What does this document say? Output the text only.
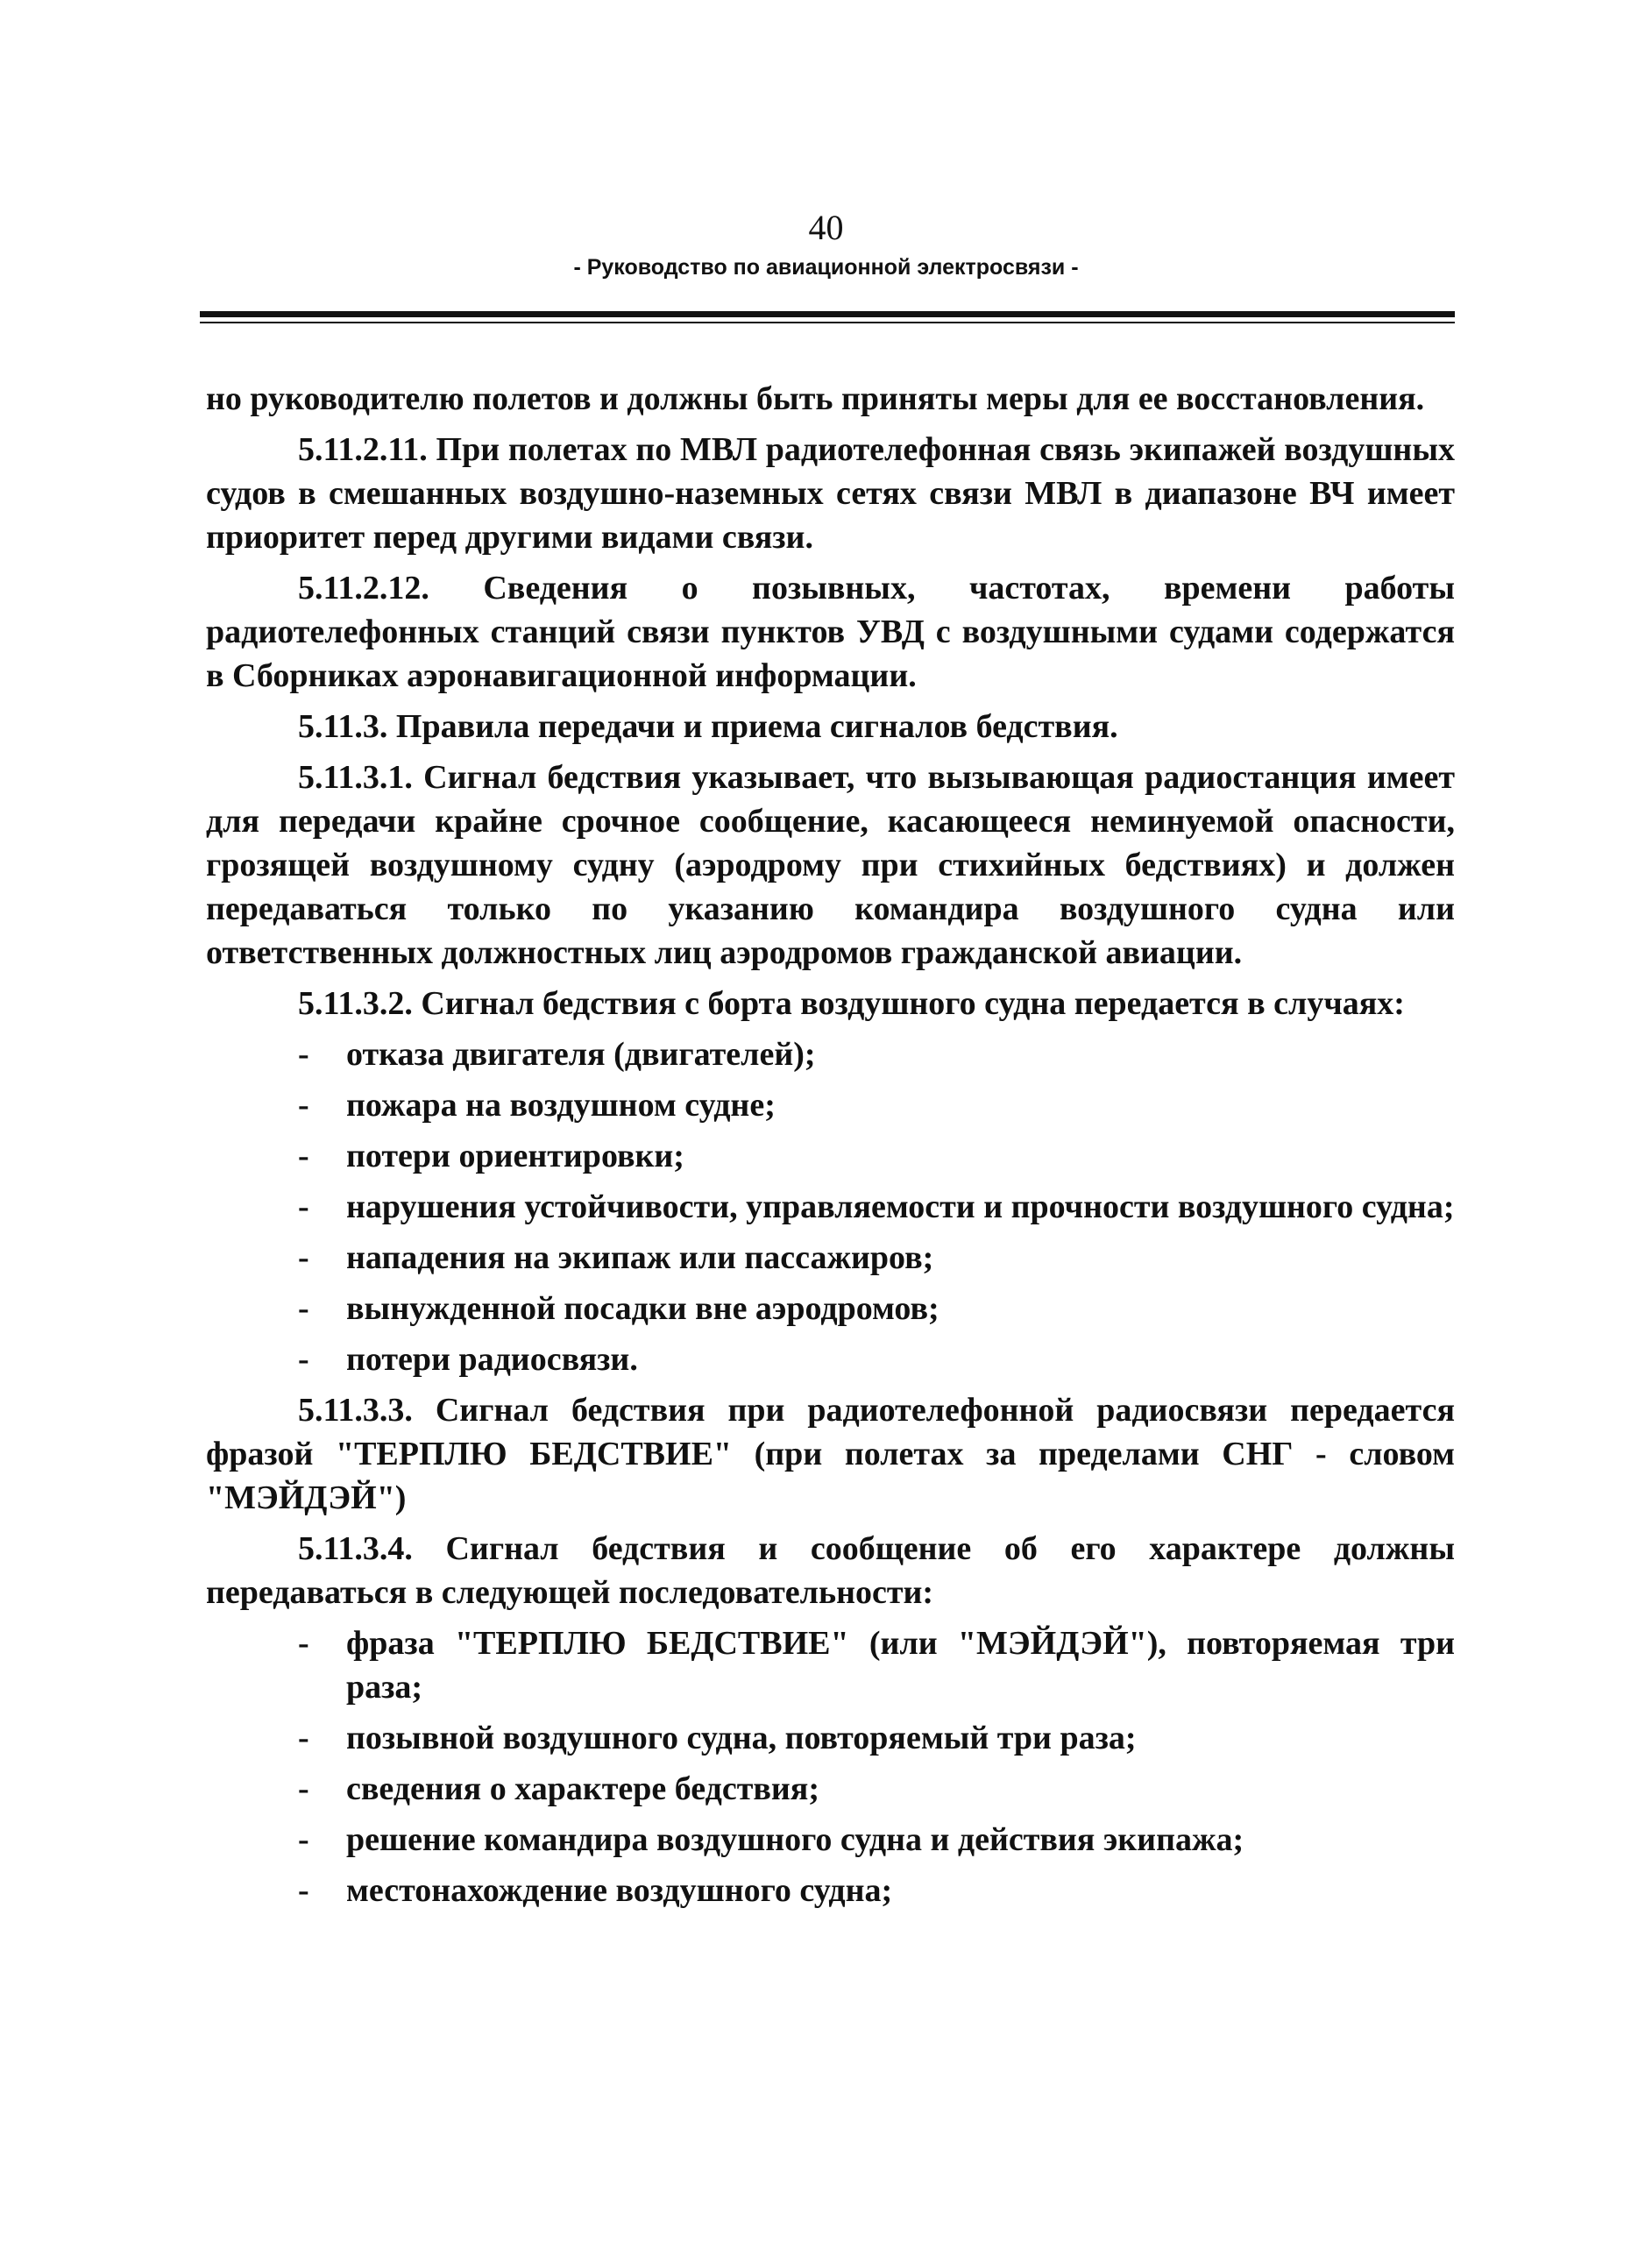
40
- Руководство по авиационной электросвязи -

но руководителю полетов и должны быть приняты меры для ее восстановления.

5.11.2.11. При полетах по МВЛ радиотелефонная связь экипажей воздушных судов в смешанных воздушно-наземных сетях связи МВЛ в диапазоне ВЧ имеет приоритет перед другими видами связи.

5.11.2.12. Сведения о позывных, частотах, времени работы радиотелефонных станций связи пунктов УВД с воздушными судами содержатся в Сборниках аэронавигационной информации.

5.11.3. Правила передачи и приема сигналов бедствия.

5.11.3.1. Сигнал бедствия указывает, что вызывающая радиостанция имеет для передачи крайне срочное сообщение, касающееся неминуемой опасности, грозящей воздушному судну (аэродрому при стихийных бедствиях) и должен передаваться только по указанию командира воздушного судна или ответственных должностных лиц аэродромов гражданской авиации.

5.11.3.2. Сигнал бедствия с борта воздушного судна передается в случаях:

-	отказа двигателя (двигателей);
-	пожара на воздушном судне;
-	потери ориентировки;
-	нарушения устойчивости, управляемости и прочности воздушного судна;
-	нападения на экипаж или пассажиров;
-	вынужденной посадки вне аэродромов;
-	потери радиосвязи.

5.11.3.3. Сигнал бедствия при радиотелефонной радиосвязи передается фразой "ТЕРПЛЮ БЕДСТВИЕ" (при полетах за пределами СНГ - словом "МЭЙДЭЙ")

5.11.3.4. Сигнал бедствия и сообщение об его характере должны передаваться в следующей последовательности:

-	фраза "ТЕРПЛЮ БЕДСТВИЕ" (или "МЭЙДЭЙ"), повторяемая три раза;
-	позывной воздушного судна, повторяемый три раза;
-	сведения о характере бедствия;
-	решение командира воздушного судна и действия экипажа;
-	местонахождение воздушного судна;
